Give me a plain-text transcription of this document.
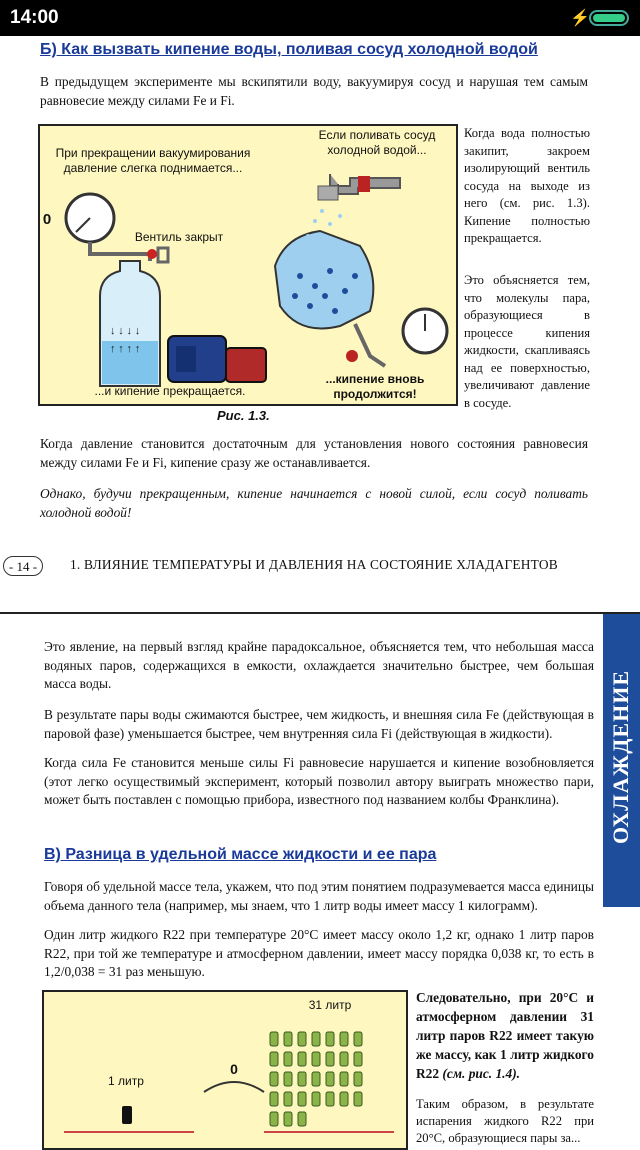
14:00	⚡
Б) Как вызвать кипение воды, поливая сосуд холодной водой
В предыдущем эксперименте мы вскипятили воду, вакуумируя сосуд и нарушая тем самым равновесие между силами Fe и Fi.
↓ ↓ ↓ ↓
↑ ↑ ↑ ↑
При прекращении вакуумирования давление слегка поднимается...
Если поливать сосуд холодной водой...
Вентиль закрыт
0
...и кипение прекращается.
...кипение вновь продолжится!
Рис. 1.3.
Когда вода полностью закипит, закроем изолирующий вентиль сосуда на выходе из него (см. рис. 1.3). Кипение полностью прекращается.
Это объясняется тем, что молекулы пара, образующиеся в процессе кипения жидкости, скапливаясь над ее поверхностью, увеличивают давление в сосуде.
Когда давление становится достаточным для установления нового состояния равновесия между силами Fe и Fi, кипение сразу же останавливается.
Однако, будучи прекращенным, кипение начинается с новой силой, если сосуд поливать холодной водой!
- 14 -	1. ВЛИЯНИЕ ТЕМПЕРАТУРЫ И ДАВЛЕНИЯ НА СОСТОЯНИЕ ХЛАДАГЕНТОВ
ОХЛАЖДЕНИЕ
Это явление, на первый взгляд крайне парадоксальное, объясняется тем, что небольшая масса водяных паров, содержащихся в емкости, охлаждается значительно быстрее, чем большая масса воды.
В результате пары воды сжимаются быстрее, чем жидкость, и внешняя сила Fe (действующая в паровой фазе) уменьшается быстрее, чем внутренняя сила Fi (действующая в жидкости).
Когда сила Fe становится меньше силы Fi равновесие нарушается и кипение возобновляется (этот легко осуществимый эксперимент, который позволил автору выиграть множество пари, может быть поставлен с помощью прибора, известного под названием колбы Франклина).
В) Разница в удельной массе жидкости и ее пара
Говоря об удельной массе тела, укажем, что под этим понятием подразумевается масса единицы объема данного тела (например, мы знаем, что 1 литр воды имеет массу 1 килограмм).
Один литр жидкого R22 при температуре 20°C имеет массу около 1,2 кг, однако 1 литр паров R22, при той же температуре и атмосферном давлении, имеет массу порядка 0,038 кг, то есть в 1,2/0,038 = 31 раз меньшую.
31 литр
1 литр
0
Следовательно, при 20°C и атмосферном давлении 31 литр паров R22 имеет такую же массу, как 1 литр жидкого R22 (см. рис. 1.4).
Таким образом, в результате испарения жидкого R22 при 20°C, образующиеся пары за...
